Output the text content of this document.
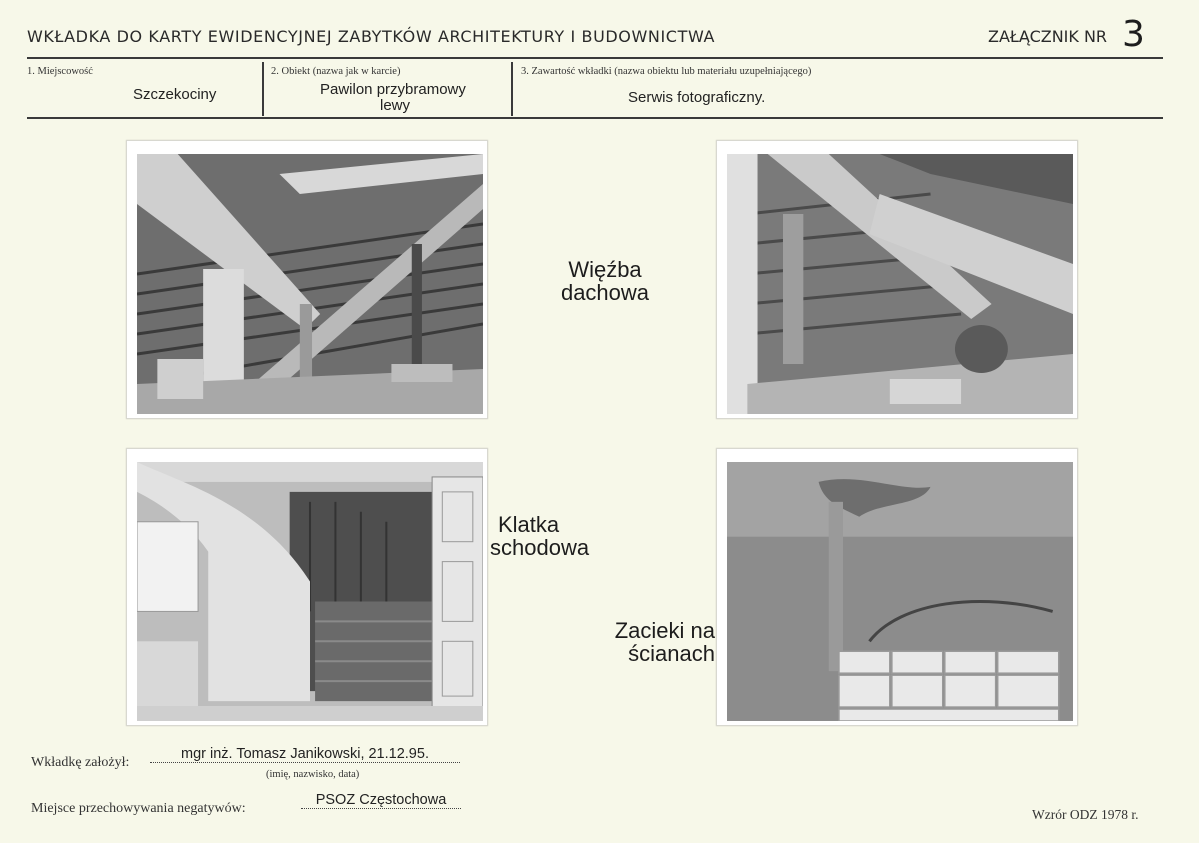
WKŁADKA DO KARTY EWIDENCYJNEJ ZABYTKÓW ARCHITEKTURY I BUDOWNICTWA	ZAŁĄCZNIK NR 3
1. Miejscowość
Szczekociny
2. Obiekt (nazwa jak w karcie)
Pawilon przybramowy
lewy
3. Zawartość wkładki (nazwa obiektu lub materiału uzupełniającego)
Serwis fotograficzny.
Więźba
dachowa
Klatka
schodowa
Zacieki na
ścianach
Wkładkę założył:
mgr inż. Tomasz Janikowski, 21.12.95.
(imię, nazwisko, data)
Miejsce przechowywania negatywów:
PSOZ Częstochowa
Wzrór ODZ 1978 r.
